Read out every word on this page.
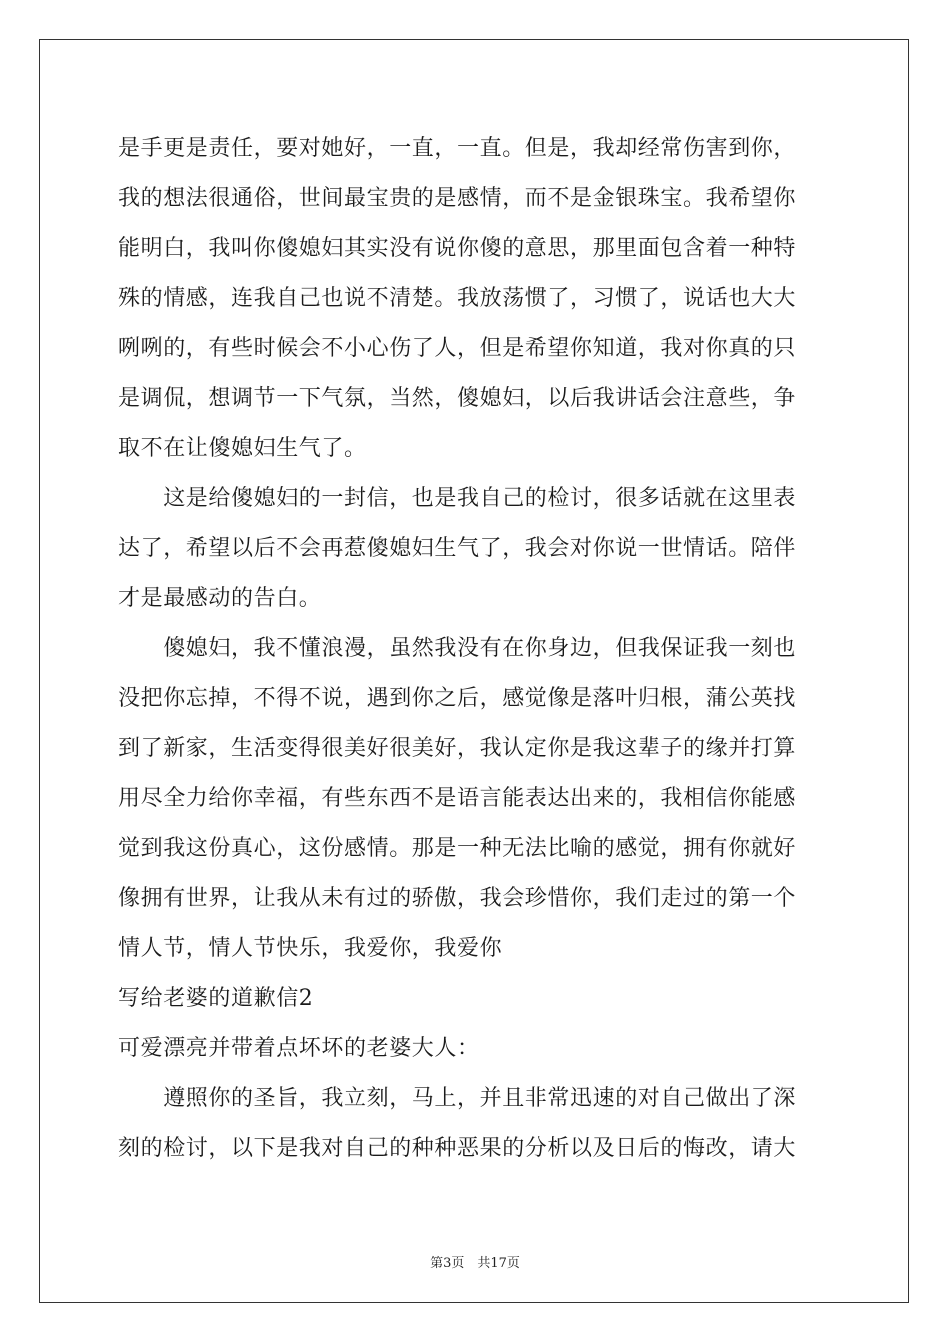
是手更是责任，要对她好，一直，一直。但是，我却经常伤害到你，
我的想法很通俗，世间最宝贵的是感情，而不是金银珠宝。我希望你
能明白，我叫你傻媳妇其实没有说你傻的意思，那里面包含着一种特
殊的情感，连我自己也说不清楚。我放荡惯了，习惯了，说话也大大
咧咧的，有些时候会不小心伤了人，但是希望你知道，我对你真的只
是调侃，想调节一下气氛，当然，傻媳妇，以后我讲话会注意些，争
取不在让傻媳妇生气了。
　　这是给傻媳妇的一封信，也是我自己的检讨，很多话就在这里表
达了，希望以后不会再惹傻媳妇生气了，我会对你说一世情话。陪伴
才是最感动的告白。
　　傻媳妇，我不懂浪漫，虽然我没有在你身边，但我保证我一刻也
没把你忘掉，不得不说，遇到你之后，感觉像是落叶归根，蒲公英找
到了新家，生活变得很美好很美好，我认定你是我这辈子的缘并打算
用尽全力给你幸福，有些东西不是语言能表达出来的，我相信你能感
觉到我这份真心，这份感情。那是一种无法比喻的感觉，拥有你就好
像拥有世界，让我从未有过的骄傲，我会珍惜你，我们走过的第一个
情人节，情人节快乐，我爱你，我爱你
写给老婆的道歉信2
可爱漂亮并带着点坏坏的老婆大人：
　　遵照你的圣旨，我立刻，马上，并且非常迅速的对自己做出了深
刻的检讨，以下是我对自己的种种恶果的分析以及日后的悔改，请大
第3页　共17页
